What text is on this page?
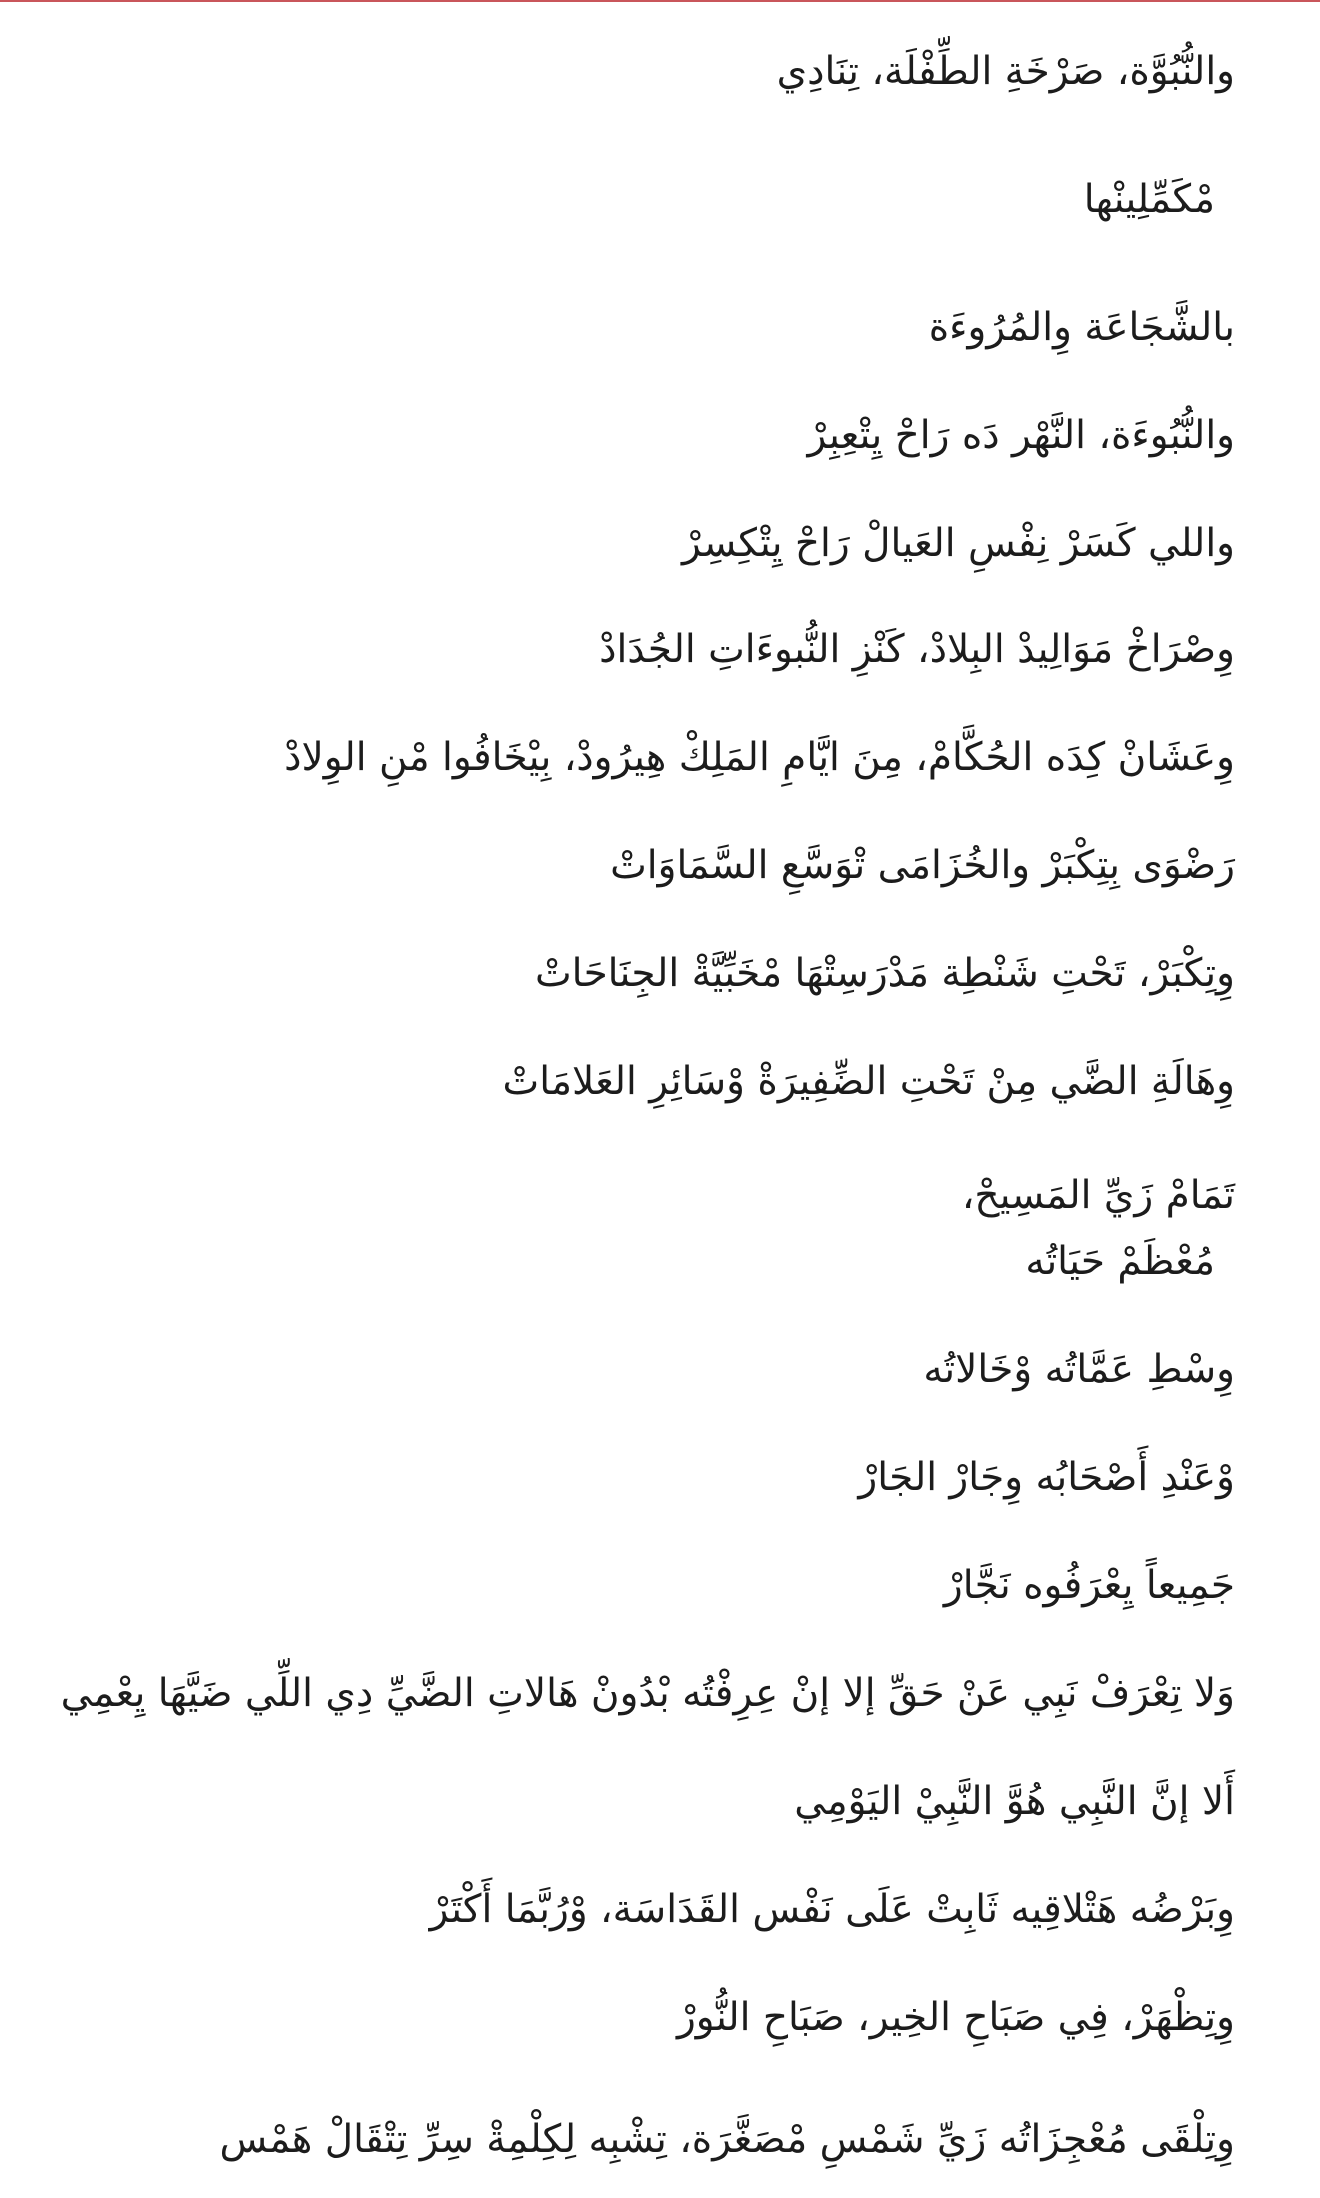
والنُّبُوَّة، صَرْخَةِ الطِّفْلَة، تِنَادِي
مْكَمِّلِينْها
بالشَّجَاعَة وِالمُرُوءَة
والنُّبُوءَة، النَّهْر دَه رَاحْ يِتْعِبِرْ
واللي كَسَرْ نِفْسِ العَيالْ رَاحْ يِتْكِسِرْ
وِصْرَاخْ مَوَالِيدْ البِلادْ، كَنْزِ النُّبوءَاتِ الجُدَادْ
وِعَشَانْ كِدَه الحُكَّامْ، مِنَ ايَّامِ المَلِكْ هِيرُودْ، بِيْخَافُوا مْنِ الوِلادْ
رَضْوَى بِتِكْبَرْ والخُزَامَى تْوَسَّعِ السَّمَاوَاتْ
وِتِكْبَرْ، تَحْتِ شَنْطِة مَدْرَسِتْهَا مْخَبِّيَّةْ الجِنَاحَاتْ
وِهَالَةِ الضَّي مِنْ تَحْتِ الضِّفِيرَةْ وْسَائِرِ العَلامَاتْ
تَمَامْ زَيِّ المَسِيحْ،
مُعْظَمْ حَيَاتُه
وِسْطِ عَمَّاتُه وْخَالاتُه
وْعَنْدِ أَصْحَابُه وِجَارْ الجَارْ
جَمِيعاً يِعْرَفُوه نَجَّارْ
وَلا تِعْرَفْ نَبِي عَنْ حَقِّ إلا إنْ عِرِفْتُه بْدُونْ هَالاتِ الضَّيِّ دِي اللِّي ضَيَّهَا يِعْمِي
أَلا إنَّ النَّبِي هُوَّ النَّبِيْ اليَوْمِي
وِبَرْضُه هَتْلاقِيه ثَابِتْ عَلَى نَفْس القَدَاسَة، وْرُبَّمَا أَكْتَرْ
وِتِظْهَرْ، فِي صَبَاحِ الخِير، صَبَاحِ النُّورْ
وِتِلْقَى مُعْجِزَاتُه زَيِّ شَمْسِ مْصَغَّرَة، تِشْبِه لِكِلْمِةْ سِرِّ تِتْقَالْ هَمْس
